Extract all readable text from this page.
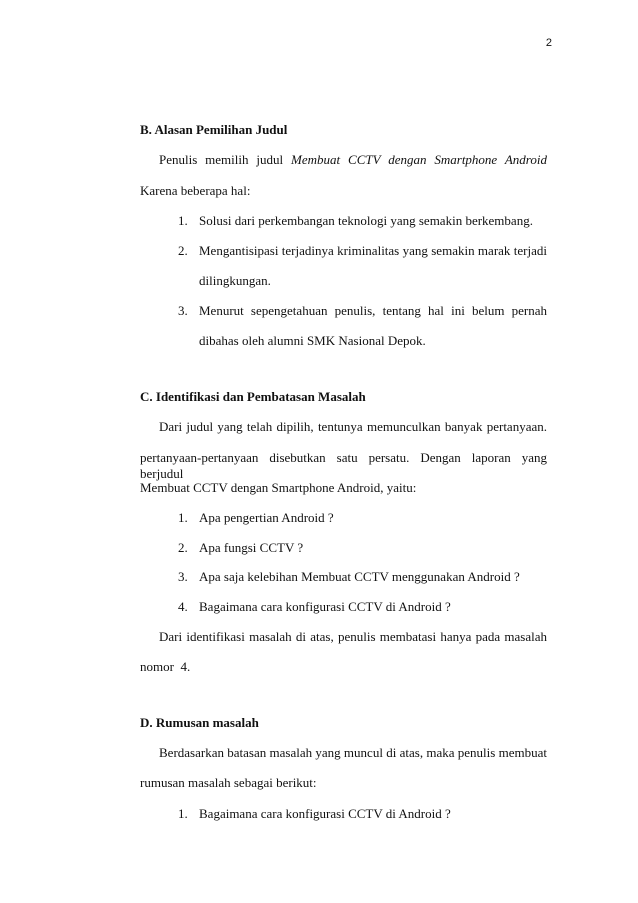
2
B. Alasan Pemilihan Judul
Penulis memilih judul Membuat CCTV dengan Smartphone Android
Karena beberapa hal:
1. Solusi dari perkembangan teknologi yang semakin berkembang.
2. Mengantisipasi terjadinya kriminalitas yang semakin marak terjadi
dilingkungan.
3. Menurut sepengetahuan penulis, tentang hal ini belum pernah
dibahas oleh alumni SMK Nasional Depok.
C. Identifikasi dan Pembatasan Masalah
Dari judul yang telah dipilih, tentunya memunculkan banyak pertanyaan.
pertanyaan-pertanyaan disebutkan satu persatu. Dengan laporan yang berjudul
Membuat CCTV dengan Smartphone Android, yaitu:
1. Apa pengertian Android ?
2. Apa fungsi CCTV ?
3. Apa saja kelebihan Membuat CCTV menggunakan Android ?
4. Bagaimana cara konfigurasi CCTV di Android ?
Dari identifikasi masalah di atas, penulis membatasi hanya pada masalah
nomor  4.
D. Rumusan masalah
Berdasarkan batasan masalah yang muncul di atas, maka penulis membuat
rumusan masalah sebagai berikut:
1. Bagaimana cara konfigurasi CCTV di Android ?
